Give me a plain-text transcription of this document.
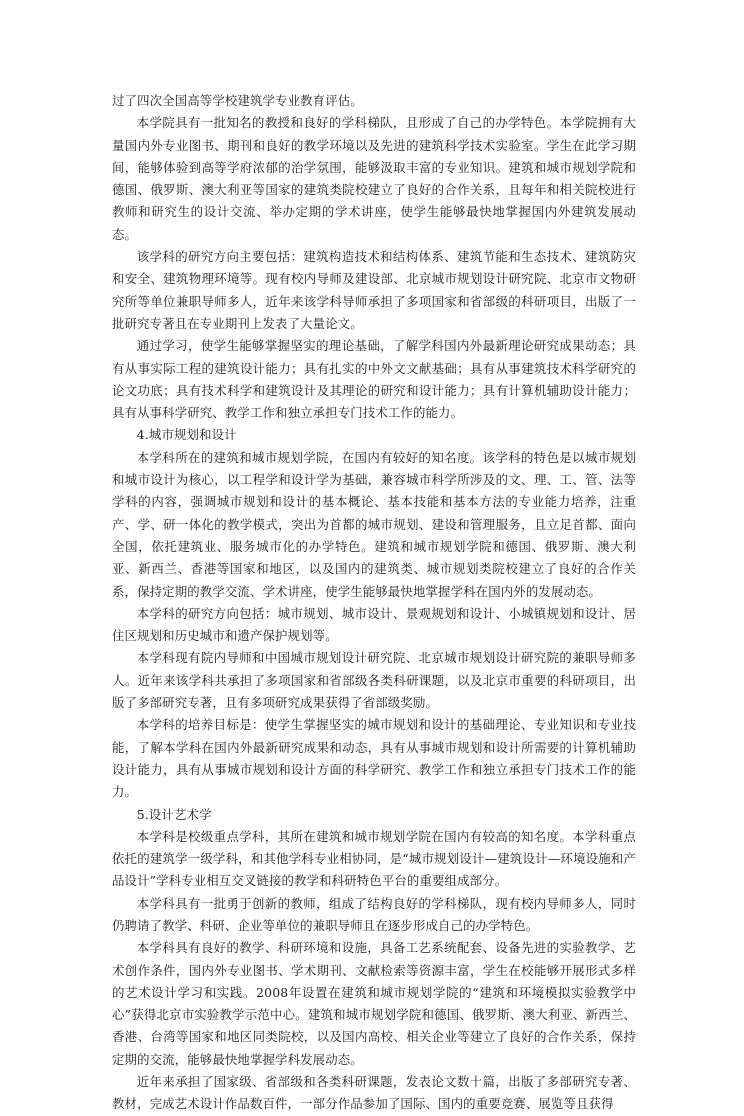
过了四次全国高等学校建筑学专业教育评估。

本学院具有一批知名的教授和良好的学科梯队，且形成了自己的办学特色。本学院拥有大量国内外专业图书、期刊和良好的教学环境以及先进的建筑科学技术实验室。学生在此学习期间，能够体验到高等学府浓郁的治学氛围，能够汲取丰富的专业知识。建筑和城市规划学院和德国、俄罗斯、澳大利亚等国家的建筑类院校建立了良好的合作关系，且每年和相关院校进行教师和研究生的设计交流、举办定期的学术讲座，使学生能够最快地掌握国内外建筑发展动态。

该学科的研究方向主要包括：建筑构造技术和结构体系、建筑节能和生态技术、建筑防灾和安全、建筑物理环境等。现有校内导师及建设部、北京城市规划设计研究院、北京市文物研究所等单位兼职导师多人，近年来该学科导师承担了多项国家和省部级的科研项目，出版了一批研究专著且在专业期刊上发表了大量论文。

通过学习，使学生能够掌握坚实的理论基础，了解学科国内外最新理论研究成果动态；具有从事实际工程的建筑设计能力；具有扎实的中外文文献基础；具有从事建筑技术科学研究的论文功底；具有技术科学和建筑设计及其理论的研究和设计能力；具有计算机辅助设计能力；具有从事科学研究、教学工作和独立承担专门技术工作的能力。

4.城市规划和设计

本学科所在的建筑和城市规划学院，在国内有较好的知名度。该学科的特色是以城市规划和城市设计为核心，以工程学和设计学为基础，兼容城市科学所涉及的文、理、工、管、法等学科的内容，强调城市规划和设计的基本概论、基本技能和基本方法的专业能力培养，注重产、学、研一体化的教学模式，突出为首都的城市规划、建设和管理服务，且立足首都、面向全国，依托建筑业、服务城市化的办学特色。建筑和城市规划学院和德国、俄罗斯、澳大利亚、新西兰、香港等国家和地区，以及国内的建筑类、城市规划类院校建立了良好的合作关系，保持定期的教学交流、学术讲座，使学生能够最快地掌握学科在国内外的发展动态。

本学科的研究方向包括：城市规划、城市设计、景观规划和设计、小城镇规划和设计、居住区规划和历史城市和遗产保护规划等。

本学科现有院内导师和中国城市规划设计研究院、北京城市规划设计研究院的兼职导师多人。近年来该学科共承担了多项国家和省部级各类科研课题，以及北京市重要的科研项目，出版了多部研究专著，且有多项研究成果获得了省部级奖励。

本学科的培养目标是：使学生掌握坚实的城市规划和设计的基础理论、专业知识和专业技能，了解本学科在国内外最新研究成果和动态，具有从事城市规划和设计所需要的计算机辅助设计能力，具有从事城市规划和设计方面的科学研究、教学工作和独立承担专门技术工作的能力。

5.设计艺术学

本学科是校级重点学科，其所在建筑和城市规划学院在国内有较高的知名度。本学科重点依托的建筑学一级学科，和其他学科专业相协同，是“城市规划设计—建筑设计—环境设施和产品设计”学科专业相互交叉链接的教学和科研特色平台的重要组成部分。

本学科具有一批勇于创新的教师，组成了结构良好的学科梯队，现有校内导师多人，同时仍聘请了教学、科研、企业等单位的兼职导师且在逐步形成自己的办学特色。

本学科具有良好的教学、科研环境和设施，具备工艺系统配套、设备先进的实验教学、艺术创作条件，国内外专业图书、学术期刊、文献检索等资源丰富，学生在校能够开展形式多样的艺术设计学习和实践。2008年设置在建筑和城市规划学院的“建筑和环境模拟实验教学中心”获得北京市实验教学示范中心。建筑和城市规划学院和德国、俄罗斯、澳大利亚、新西兰、香港、台湾等国家和地区同类院校，以及国内高校、相关企业等建立了良好的合作关系，保持定期的交流，能够最快地掌握学科发展动态。

近年来承担了国家级、省部级和各类科研课题，发表论文数十篇，出版了多部研究专著、教材，完成艺术设计作品数百件，一部分作品参加了国际、国内的重要竞赛、展览等且获得
